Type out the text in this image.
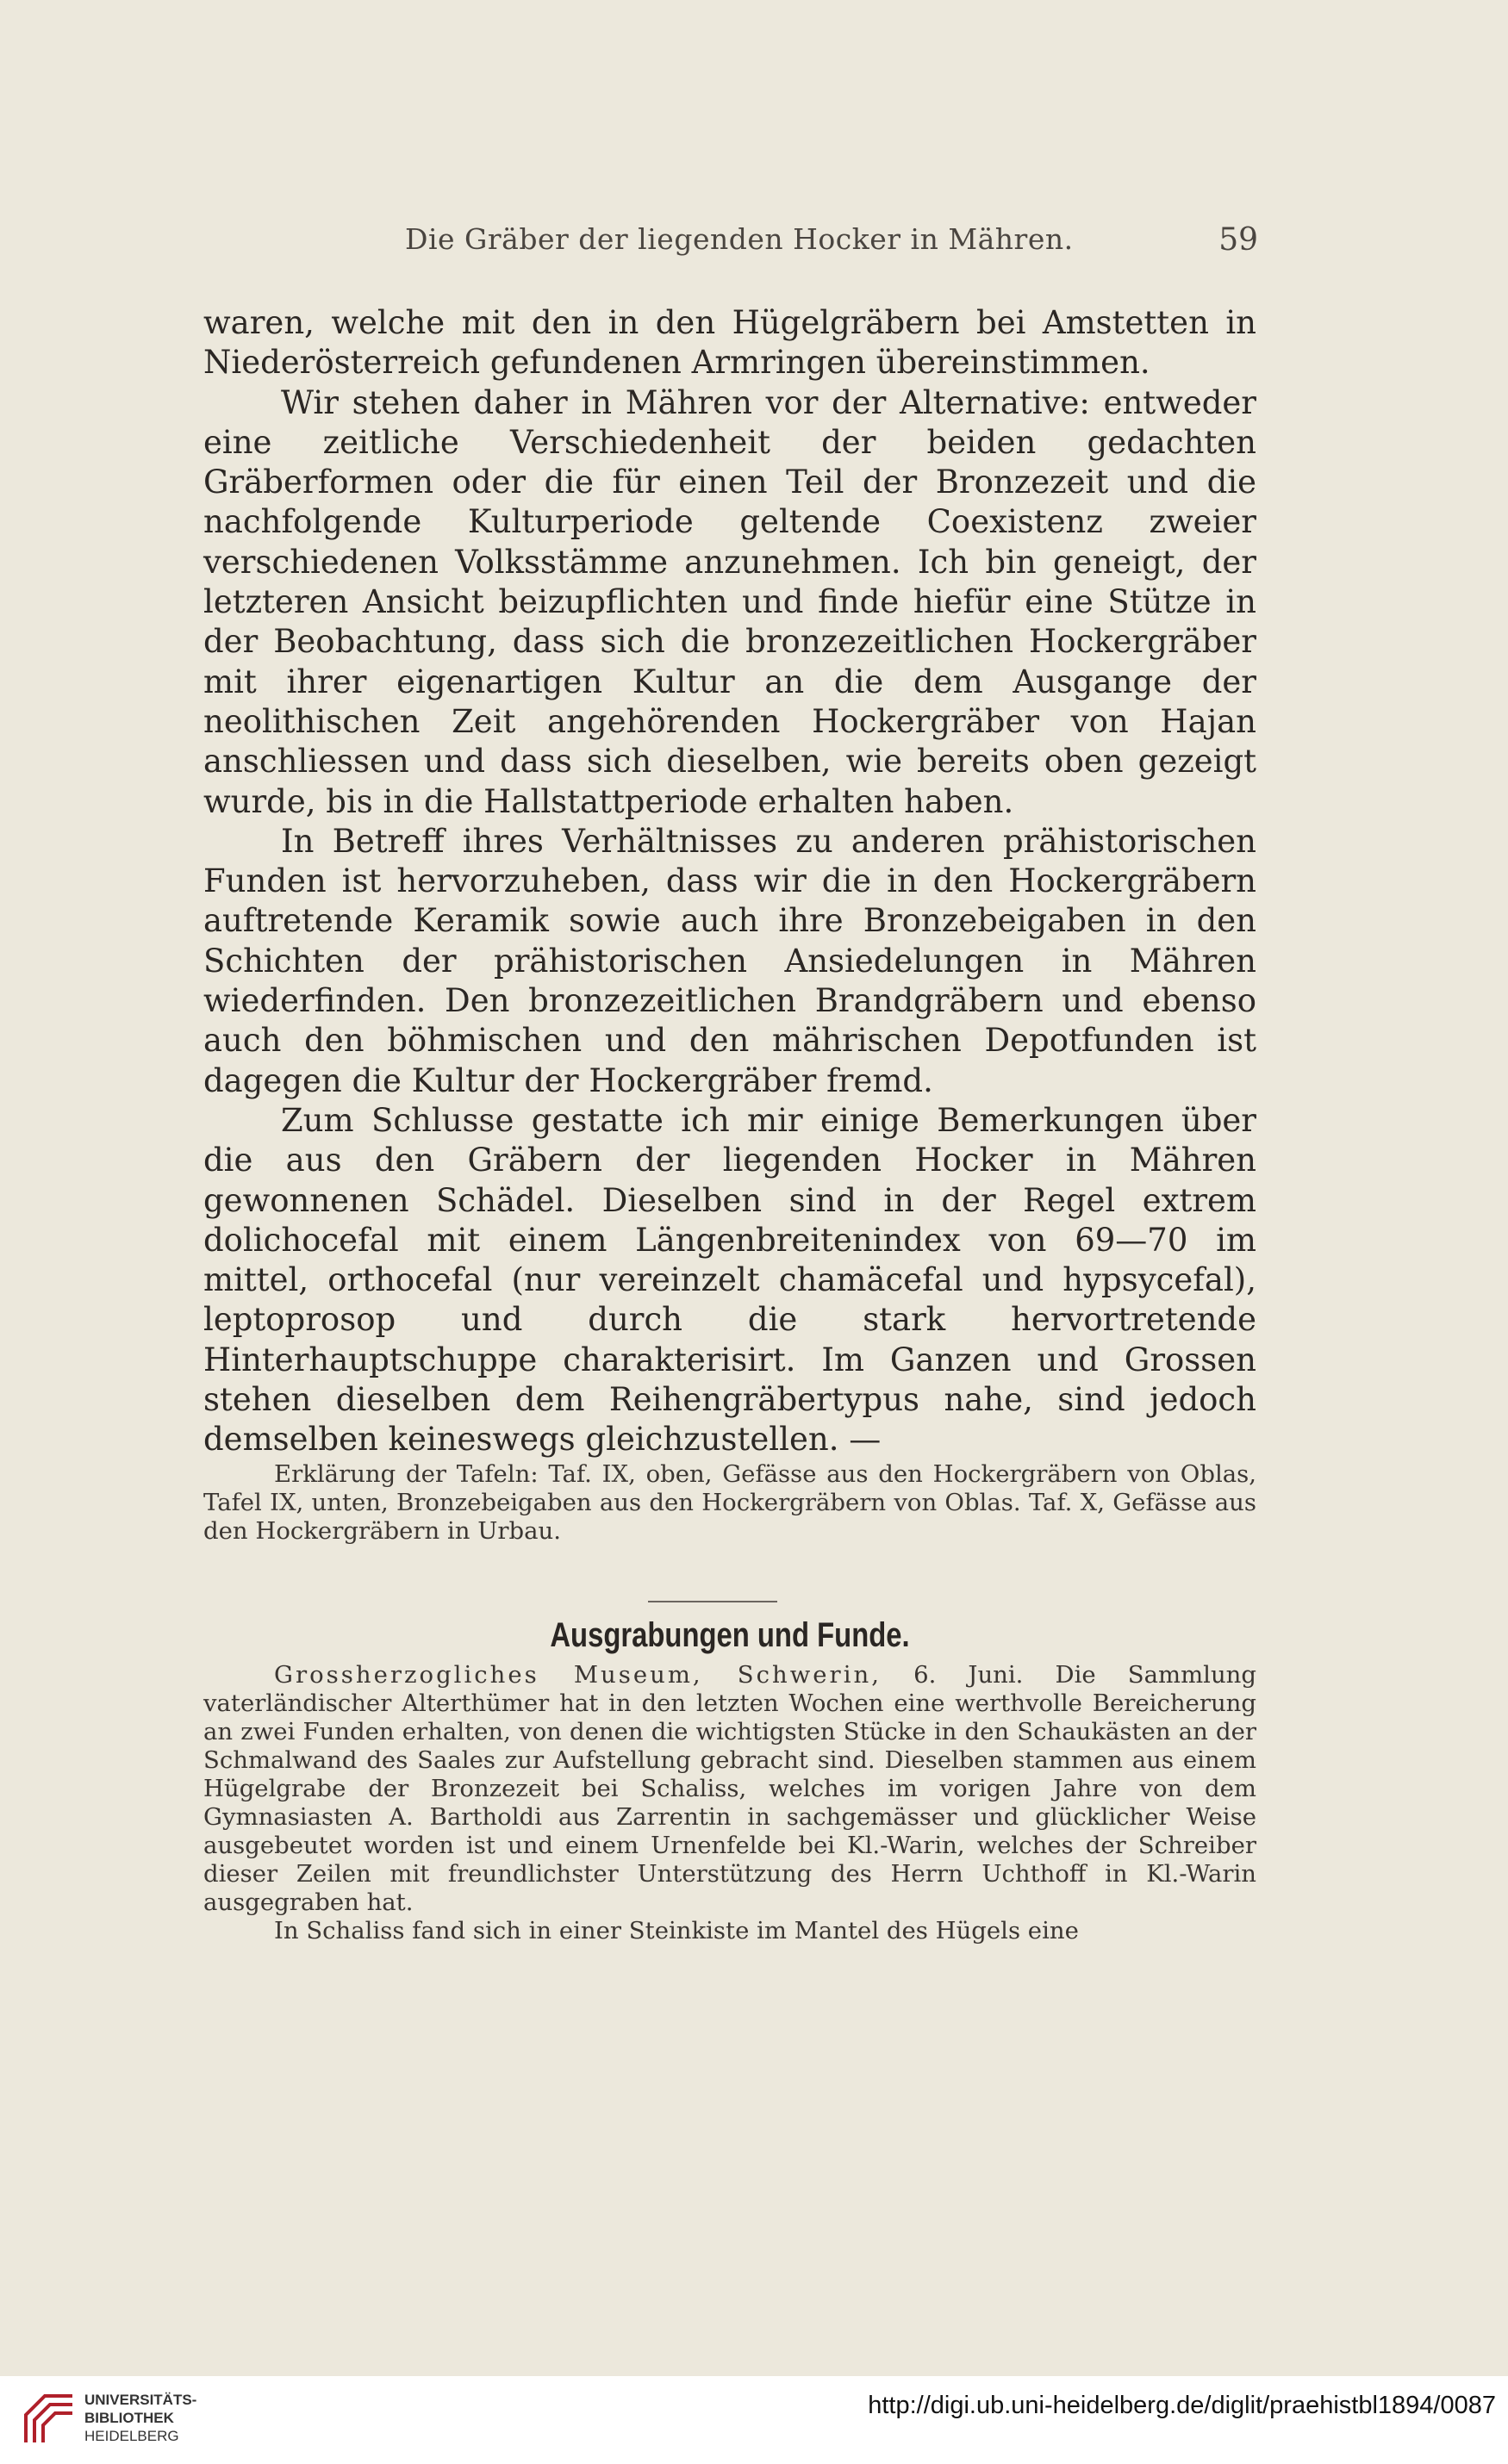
Die Gräber der liegenden Hocker in Mähren.	59

waren, welche mit den in den Hügelgräbern bei Amstetten in Niederösterreich gefundenen Armringen übereinstimmen.

Wir stehen daher in Mähren vor der Alternative: entweder eine zeitliche Verschiedenheit der beiden gedachten Gräberformen oder die für einen Teil der Bronzezeit und die nachfolgende Kulturperiode geltende Coexistenz zweier verschiedenen Volksstämme anzunehmen. Ich bin geneigt, der letzteren Ansicht beizupflichten und finde hiefür eine Stütze in der Beobachtung, dass sich die bronzezeitlichen Hockergräber mit ihrer eigenartigen Kultur an die dem Ausgange der neolithischen Zeit angehörenden Hockergräber von Hajan anschliessen und dass sich dieselben, wie bereits oben gezeigt wurde, bis in die Hallstattperiode erhalten haben.

In Betreff ihres Verhältnisses zu anderen prähistorischen Funden ist hervorzuheben, dass wir die in den Hockergräbern auftretende Keramik sowie auch ihre Bronzebeigaben in den Schichten der prähistorischen Ansiedelungen in Mähren wiederfinden. Den bronzezeitlichen Brandgräbern und ebenso auch den böhmischen und den mährischen Depotfunden ist dagegen die Kultur der Hockergräber fremd.

Zum Schlusse gestatte ich mir einige Bemerkungen über die aus den Gräbern der liegenden Hocker in Mähren gewonnenen Schädel. Dieselben sind in der Regel extrem dolichocefal mit einem Längenbreitenindex von 69—70 im mittel, orthocefal (nur vereinzelt chamäcefal und hypsycefal), leptoprosop und durch die stark hervortretende Hinterhauptschuppe charakterisirt. Im Ganzen und Grossen stehen dieselben dem Reihengräbertypus nahe, sind jedoch demselben keineswegs gleichzustellen. —

Erklärung der Tafeln: Taf. IX, oben, Gefässe aus den Hockergräbern von Oblas, Tafel IX, unten, Bronzebeigaben aus den Hockergräbern von Oblas. Taf. X, Gefässe aus den Hockergräbern in Urbau.

Ausgrabungen und Funde.

Grossherzogliches Museum, Schwerin, 6. Juni. Die Sammlung vaterländischer Alterthümer hat in den letzten Wochen eine werthvolle Bereicherung an zwei Funden erhalten, von denen die wichtigsten Stücke in den Schaukästen an der Schmalwand des Saales zur Aufstellung gebracht sind. Dieselben stammen aus einem Hügelgrabe der Bronzezeit bei Schaliss, welches im vorigen Jahre von dem Gymnasiasten A. Bartholdi aus Zarrentin in sachgemässer und glücklicher Weise ausgebeutet worden ist und einem Urnenfelde bei Kl.-Warin, welches der Schreiber dieser Zeilen mit freundlichster Unterstützung des Herrn Uchthoff in Kl.-Warin ausgegraben hat.

In Schaliss fand sich in einer Steinkiste im Mantel des Hügels eine

UNIVERSITÄTS-
BIBLIOTHEK
HEIDELBERG
http://digi.ub.uni-heidelberg.de/diglit/praehistbl1894/0087
